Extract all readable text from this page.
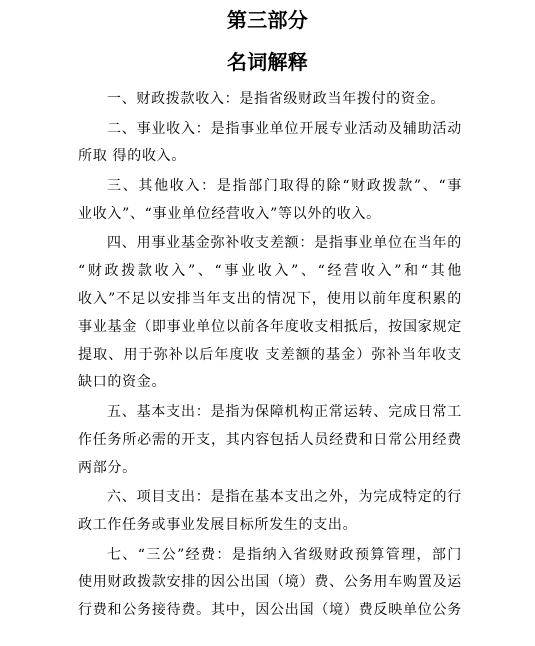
第三部分
名词解释
一、财政拨款收入：是指省级财政当年拨付的资金。
二、事业收入：是指事业单位开展专业活动及辅助活动
所取 得的收入。
三、其他收入：是指部门取得的除“财政拨款”、“事
业收入”、“事业单位经营收入”等以外的收入。
四、用事业基金弥补收支差额：是指事业单位在当年的
“财政拨款收入”、“事业收入”、“经营收入”和“其他
收入”不足以安排当年支出的情况下，使用以前年度积累的
事业基金（即事业单位以前各年度收支相抵后，按国家规定
提取、用于弥补以后年度收 支差额的基金）弥补当年收支
缺口的资金。
五、基本支出：是指为保障机构正常运转、完成日常工
作任务所必需的开支，其内容包括人员经费和日常公用经费
两部分。
六、项目支出：是指在基本支出之外，为完成特定的行
政工作任务或事业发展目标所发生的支出。
七、“三公”经费：是指纳入省级财政预算管理，部门
使用财政拨款安排的因公出国（境）费、公务用车购置及运
行费和公务接待费。其中，因公出国（境）费反映单位公务
